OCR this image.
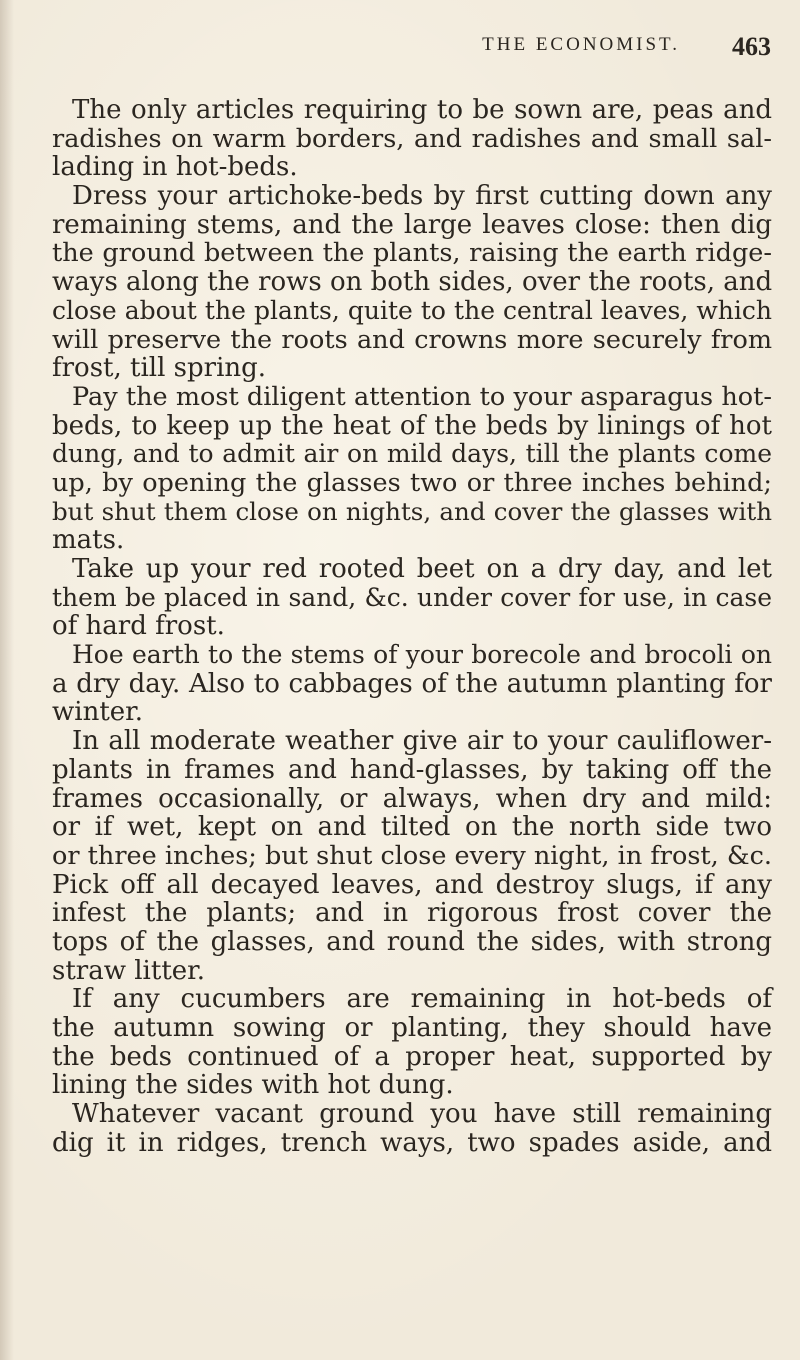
THE ECONOMIST. 463
The only articles requiring to be sown are, peas and
radishes on warm borders, and radishes and small sal-
lading in hot-beds.
Dress your artichoke-beds by first cutting down any
remaining stems, and the large leaves close: then dig
the ground between the plants, raising the earth ridge-
ways along the rows on both sides, over the roots, and
close about the plants, quite to the central leaves, which
will preserve the roots and crowns more securely from
frost, till spring.
Pay the most diligent attention to your asparagus hot-
beds, to keep up the heat of the beds by linings of hot
dung, and to admit air on mild days, till the plants come
up, by opening the glasses two or three inches behind;
but shut them close on nights, and cover the glasses with
mats.
Take up your red rooted beet on a dry day, and let
them be placed in sand, &c. under cover for use, in case
of hard frost.
Hoe earth to the stems of your borecole and brocoli on
a dry day. Also to cabbages of the autumn planting for
winter.
In all moderate weather give air to your cauliflower-
plants in frames and hand-glasses, by taking off the
frames occasionally, or always, when dry and mild:
or if wet, kept on and tilted on the north side two
or three inches; but shut close every night, in frost, &c.
Pick off all decayed leaves, and destroy slugs, if any
infest the plants; and in rigorous frost cover the
tops of the glasses, and round the sides, with strong
straw litter.
If any cucumbers are remaining in hot-beds of
the autumn sowing or planting, they should have
the beds continued of a proper heat, supported by
lining the sides with hot dung.
Whatever vacant ground you have still remaining
dig it in ridges, trench ways, two spades aside, and
